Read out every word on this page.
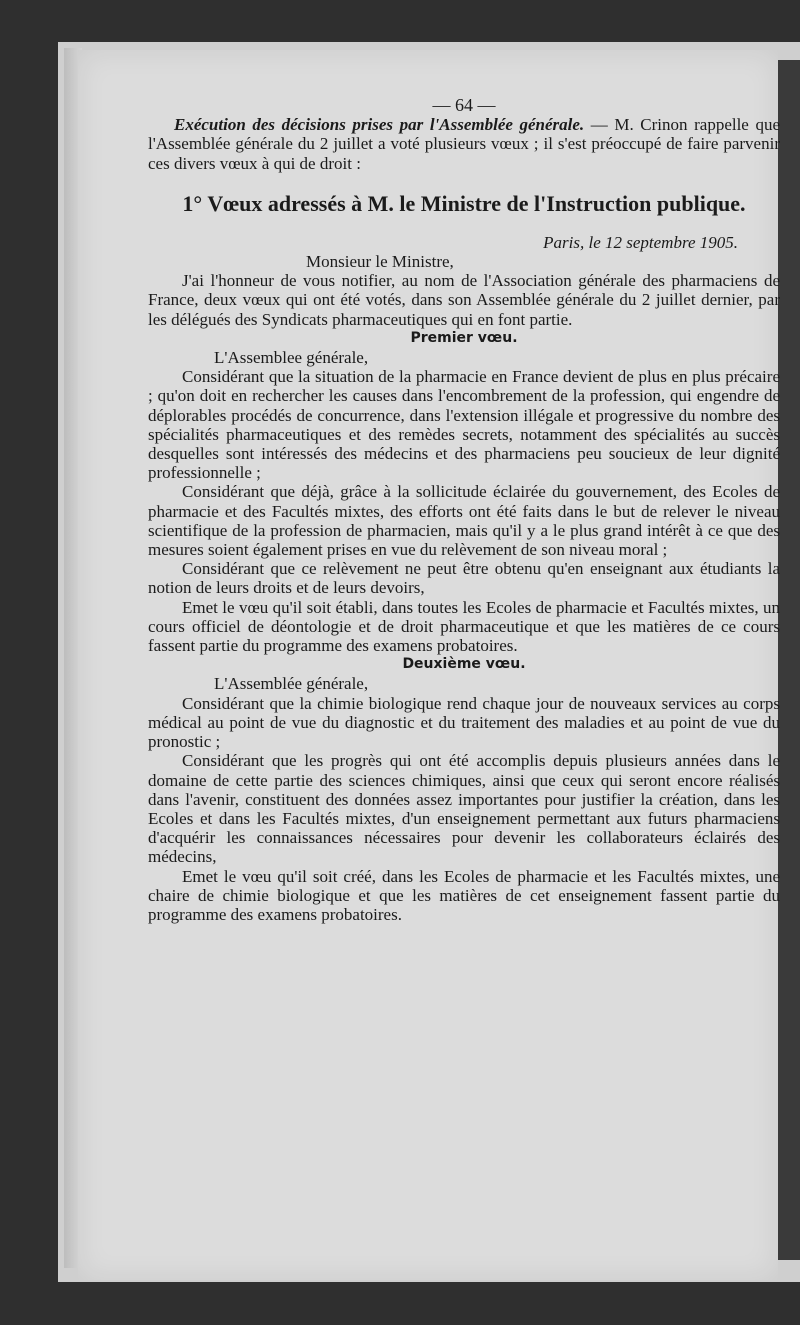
— 64 —

Exécution des décisions prises par l'Assemblée générale. — M. Crinon rappelle que l'Assemblée générale du 2 juillet a voté plusieurs vœux ; il s'est préoccupé de faire parvenir ces divers vœux à qui de droit :

1° Vœux adressés à M. le Ministre de l'Instruction publique.

Paris, le 12 septembre 1905.

Monsieur le Ministre,

J'ai l'honneur de vous notifier, au nom de l'Association générale des pharmaciens de France, deux vœux qui ont été votés, dans son Assemblée générale du 2 juillet dernier, par les délégués des Syndicats pharmaceutiques qui en font partie.

Premier vœu.

L'Assemblee générale,

Considérant que la situation de la pharmacie en France devient de plus en plus précaire ; qu'on doit en rechercher les causes dans l'encombrement de la profession, qui engendre de déplorables procédés de concurrence, dans l'extension illégale et progressive du nombre des spécialités pharmaceutiques et des remèdes secrets, notamment des spécialités au succès desquelles sont intéressés des médecins et des pharmaciens peu soucieux de leur dignité professionnelle ;

Considérant que déjà, grâce à la sollicitude éclairée du gouvernement, des Ecoles de pharmacie et des Facultés mixtes, des efforts ont été faits dans le but de relever le niveau scientifique de la profession de pharmacien, mais qu'il y a le plus grand intérêt à ce que des mesures soient également prises en vue du relèvement de son niveau moral ;

Considérant que ce relèvement ne peut être obtenu qu'en enseignant aux étudiants la notion de leurs droits et de leurs devoirs,

Emet le vœu qu'il soit établi, dans toutes les Ecoles de pharmacie et Facultés mixtes, un cours officiel de déontologie et de droit pharmaceutique et que les matières de ce cours fassent partie du programme des examens probatoires.

Deuxième vœu.

L'Assemblée générale,

Considérant que la chimie biologique rend chaque jour de nouveaux services au corps médical au point de vue du diagnostic et du traitement des maladies et au point de vue du pronostic ;

Considérant que les progrès qui ont été accomplis depuis plusieurs années dans le domaine de cette partie des sciences chimiques, ainsi que ceux qui seront encore réalisés dans l'avenir, constituent des données assez importantes pour justifier la création, dans les Ecoles et dans les Facultés mixtes, d'un enseignement permettant aux futurs pharmaciens d'acquérir les connaissances nécessaires pour devenir les collaborateurs éclairés des médecins,

Emet le vœu qu'il soit créé, dans les Ecoles de pharmacie et les Facultés mixtes, une chaire de chimie biologique et que les matières de cet enseignement fassent partie du programme des examens probatoires.
